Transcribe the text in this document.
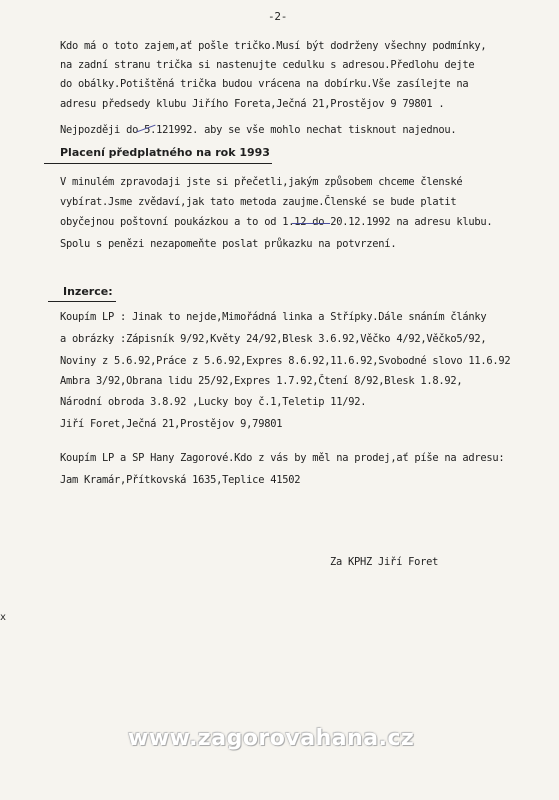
-2-
Kdo má o toto zajem,ať pošle tričko.Musí být dodrženy všechny podmínky,
na zadní stranu trička si nastenujte cedulku s adresou.Předlohu dejte
do obálky.Potištěná trička budou vrácena na dobírku.Vše zasílejte na
adresu předsedy klubu Jiřího Foreta,Ječná 21,Prostějov 9 79801 .
Nejpozději do 5.121992. aby se vše mohlo nechat tisknout najednou.
Placení předplatného na rok 1993
V minulém zpravodaji jste si přečetli,jakým způsobem chceme členské
vybírat.Jsme zvědaví,jak tato metoda zaujme.Členské se bude platit
obyčejnou poštovní poukázkou a to od 1.12 do 20.12.1992 na adresu klubu.
Spolu s penězi nezapomeňte poslat průkazku na potvrzení.
Inzerce:
Koupím LP : Jinak to nejde,Mimořádná linka a Střípky.Dále snáním články
a obrázky :Zápisník 9/92,Květy 24/92,Blesk 3.6.92,Věčko 4/92,Věčko5/92,
Noviny z 5.6.92,Práce z 5.6.92,Expres 8.6.92,11.6.92,Svobodné slovo 11.6.92
Ambra 3/92,Obrana lidu 25/92,Expres 1.7.92,Čtení 8/92,Blesk 1.8.92,
Národní obroda 3.8.92 ,Lucky boy č.1,Teletip 11/92.
Jiří Foret,Ječná 21,Prostějov 9,79801
Koupím LP a SP Hany Zagorové.Kdo z vás by měl na prodej,ať píše na adresu:
Jam Kramár,Přítkovská 1635,Teplice 41502
Za KPHZ Jiří Foret
x
www.zagorovahana.cz
